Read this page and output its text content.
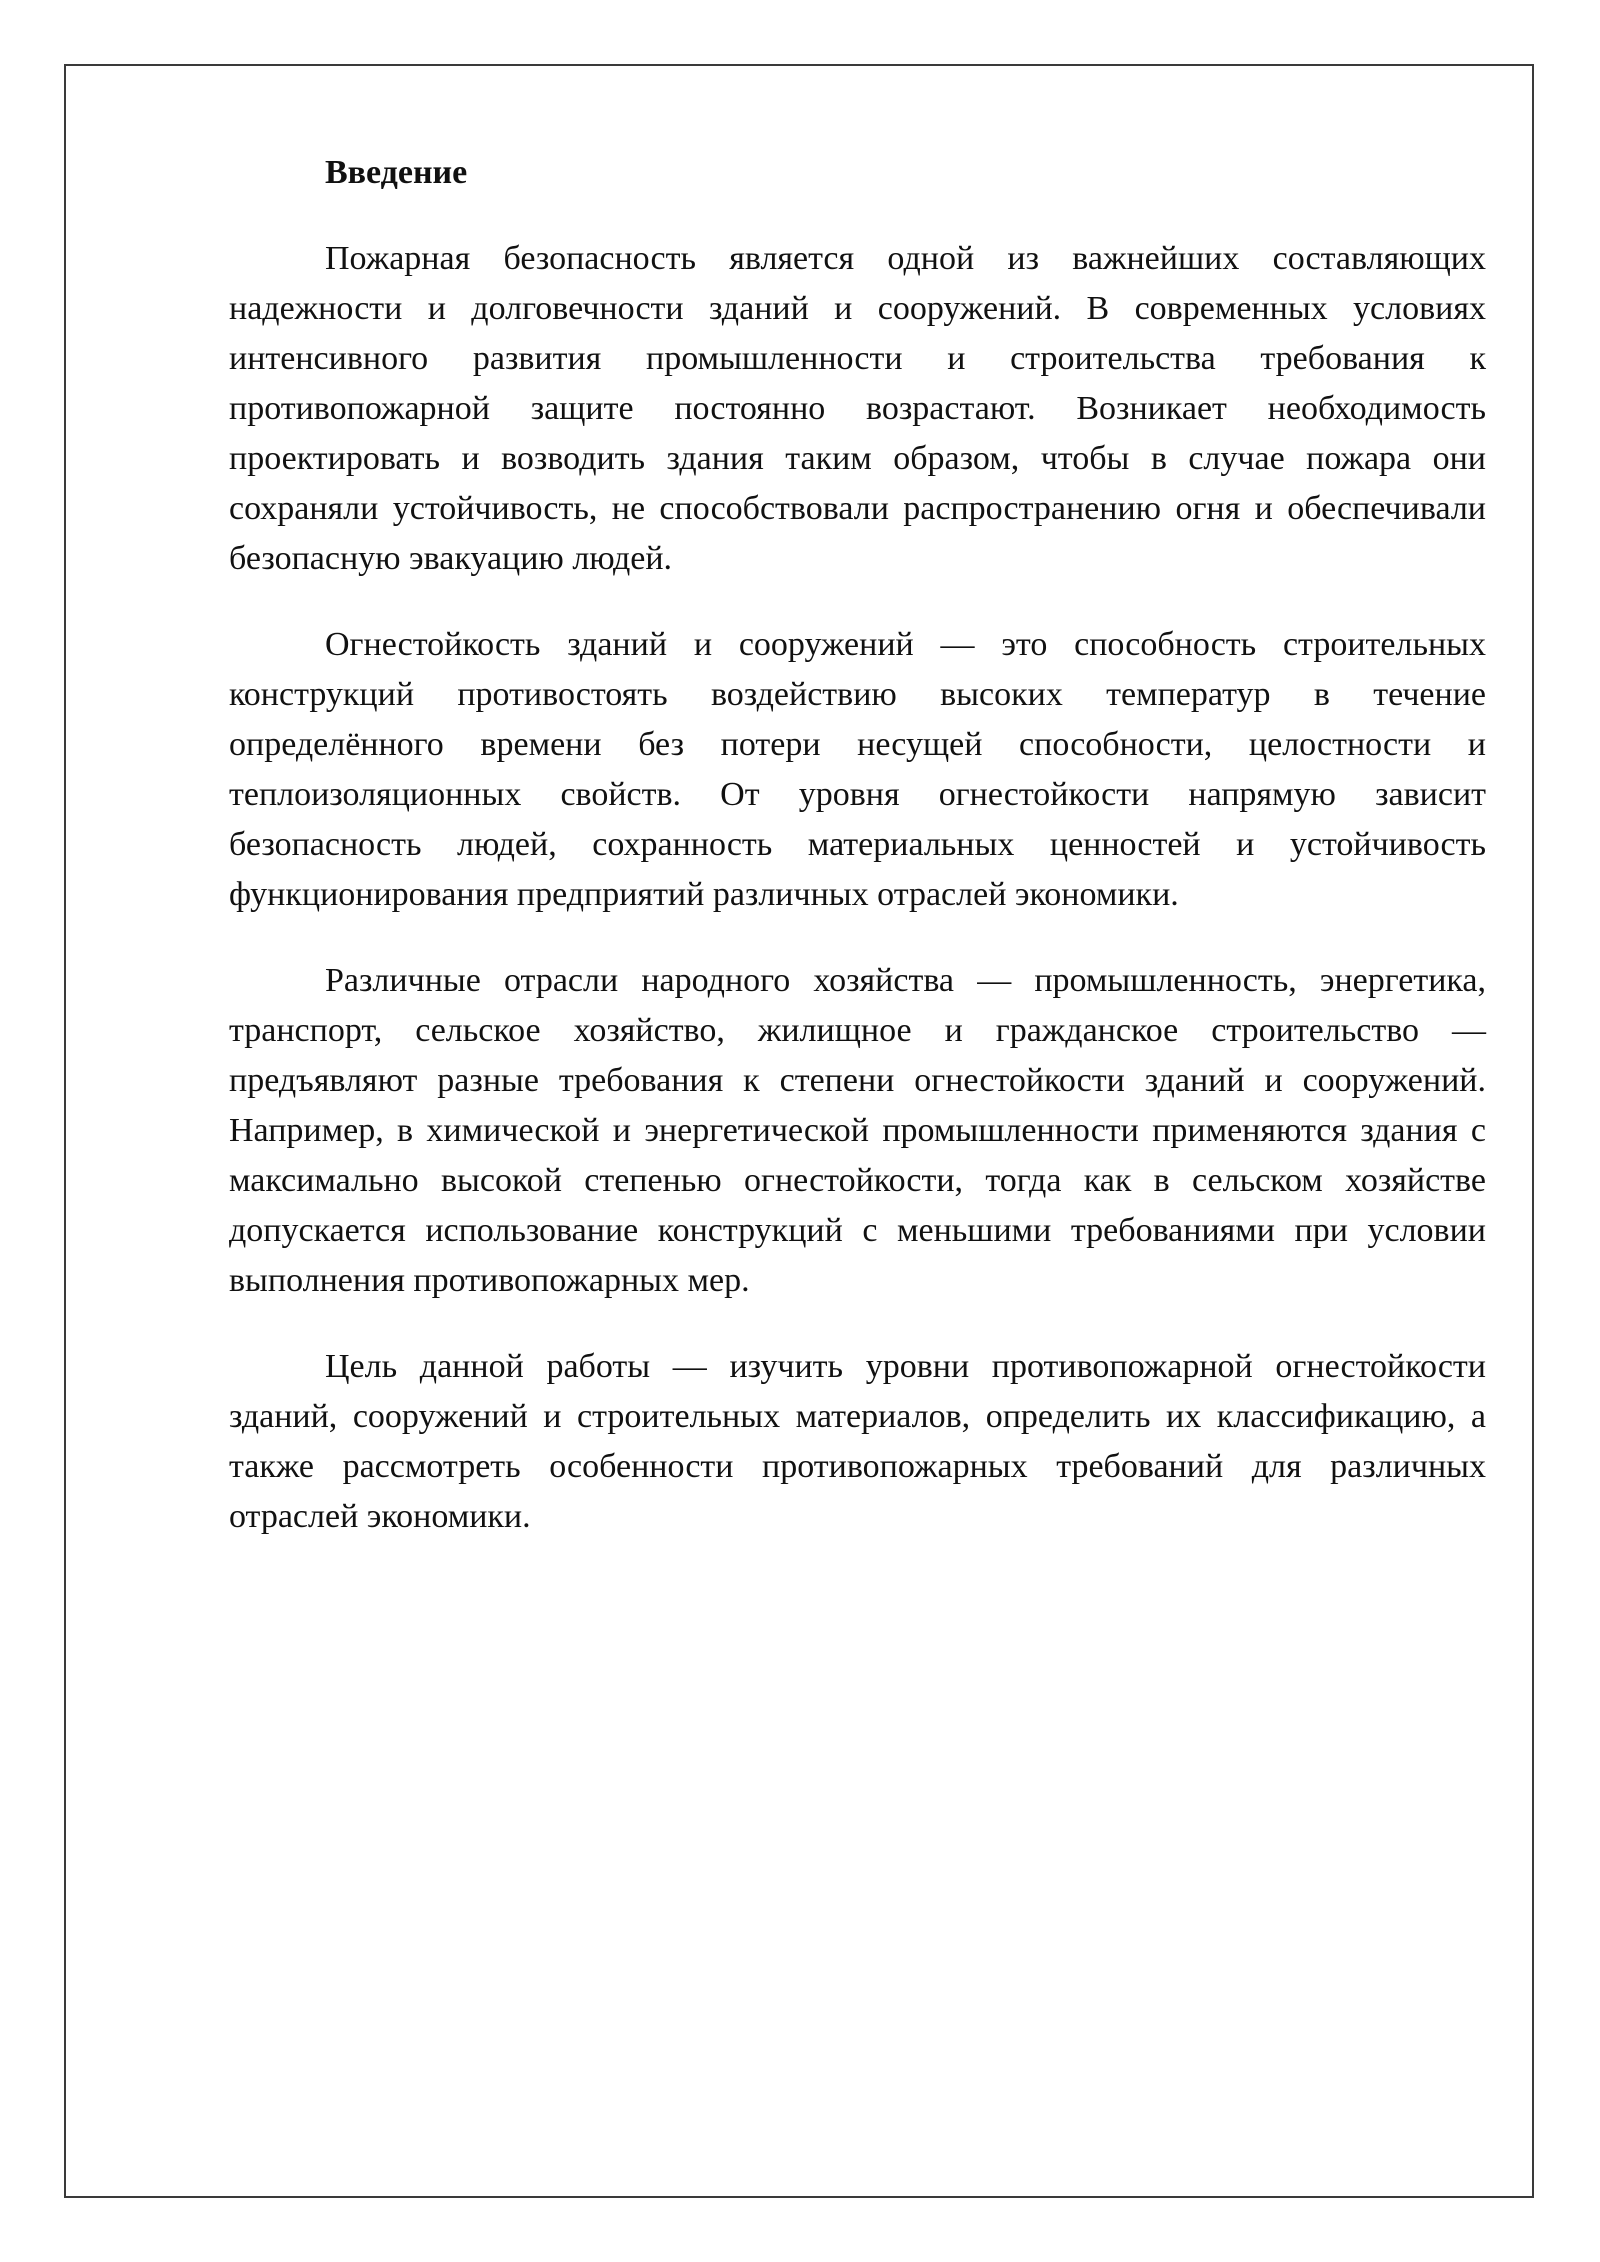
Введение

Пожарная безопасность является одной из важнейших составляющих надежности и долговечности зданий и сооружений. В современных условиях интенсивного развития промышленности и строительства требования к противопожарной защите постоянно возрастают. Возникает необходимость проектировать и возводить здания таким образом, чтобы в случае пожара они сохраняли устойчивость, не способствовали распространению огня и обеспечивали безопасную эвакуацию людей.

Огнестойкость зданий и сооружений — это способность строительных конструкций противостоять воздействию высоких температур в течение определённого времени без потери несущей способности, целостности и теплоизоляционных свойств. От уровня огнестойкости напрямую зависит безопасность людей, сохранность материальных ценностей и устойчивость функционирования предприятий различных отраслей экономики.

Различные отрасли народного хозяйства — промышленность, энергетика, транспорт, сельское хозяйство, жилищное и гражданское строительство — предъявляют разные требования к степени огнестойкости зданий и сооружений. Например, в химической и энергетической промышленности применяются здания с максимально высокой степенью огнестойкости, тогда как в сельском хозяйстве допускается использование конструкций с меньшими требованиями при условии выполнения противопожарных мер.

Цель данной работы — изучить уровни противопожарной огнестойкости зданий, сооружений и строительных материалов, определить их классификацию, а также рассмотреть особенности противопожарных требований для различных отраслей экономики.
